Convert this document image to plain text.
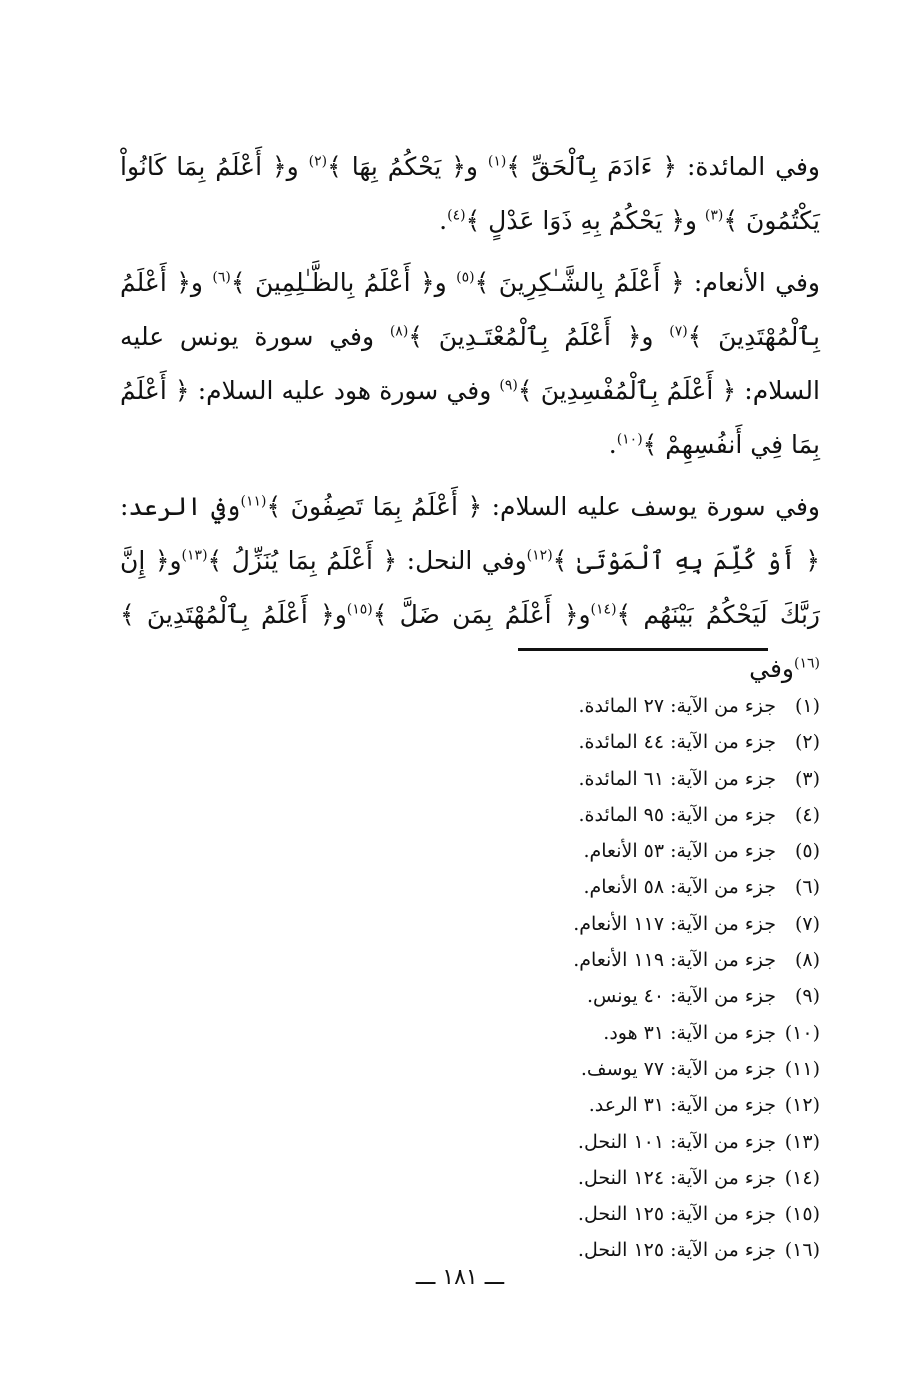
وفي المائدة: ﴿ ءَادَمَ بِٱلْحَقِّ ﴾$^{(١)}$ و﴿ يَحْكُمُ بِهَا ﴾$^{(٢)}$ و﴿ أَعْلَمُ بِمَا كَانُواْ يَكْتُمُونَ ﴾$^{(٣)}$ و﴿ يَحْكُمُ بِهِ ذَوَا عَدْلٍ ﴾$^{(٤)}$.

وفي الأنعام: ﴿ أَعْلَمُ بِالشَّـٰكِرِينَ ﴾$^{(٥)}$ و﴿ أَعْلَمُ بِالظَّـٰلِمِينَ ﴾$^{(٦)}$ و﴿ أَعْلَمُ بِٱلْمُهْتَدِينَ ﴾$^{(٧)}$ و﴿ أَعْلَمُ بِٱلْمُعْتَـدِينَ ﴾$^{(٨)}$ وفي سورة يونس عليه السلام: ﴿ أَعْلَمُ بِٱلْمُفْسِدِينَ ﴾$^{(٩)}$ وفي سورة هود عليه السلام: ﴿ أَعْلَمُ بِمَا فِي أَنفُسِهِمْ ﴾$^{(١٠)}$.

وفي سورة يوسف عليه السلام: ﴿ أَعْلَمُ بِمَا تَصِفُونَ ﴾$^{(١١)}$وفي الرعد: ﴿ أَوْ كُلِّمَ بِهِ ٱلْمَوْتَىٰ ﴾$^{(١٢)}$وفي النحل: ﴿ أَعْلَمُ بِمَا يُنَزِّلُ ﴾$^{(١٣)}$و﴿ إِنَّ رَبَّكَ لَيَحْكُمُ بَيْنَهُم ﴾$^{(١٤)}$و﴿ أَعْلَمُ بِمَن ضَلَّ ﴾$^{(١٥)}$و﴿ أَعْلَمُ بِٱلْمُهْتَدِينَ ﴾$^{(١٦)}$وفي

(١)جزء من الآية: ٢٧ المائدة.
(٢)جزء من الآية: ٤٤ المائدة.
(٣)جزء من الآية: ٦١ المائدة.
(٤)جزء من الآية: ٩٥ المائدة.
(٥)جزء من الآية: ٥٣ الأنعام.
(٦)جزء من الآية: ٥٨ الأنعام.
(٧)جزء من الآية: ١١٧ الأنعام.
(٨)جزء من الآية: ١١٩ الأنعام.
(٩)جزء من الآية: ٤٠ يونس.
(١٠)جزء من الآية: ٣١ هود.
(١١)جزء من الآية: ٧٧ يوسف.
(١٢)جزء من الآية: ٣١ الرعد.
(١٣)جزء من الآية: ١٠١ النحل.
(١٤)جزء من الآية: ١٢٤ النحل.
(١٥)جزء من الآية: ١٢٥ النحل.
(١٦)جزء من الآية: ١٢٥ النحل.
ـــ ١٨١ ـــ
